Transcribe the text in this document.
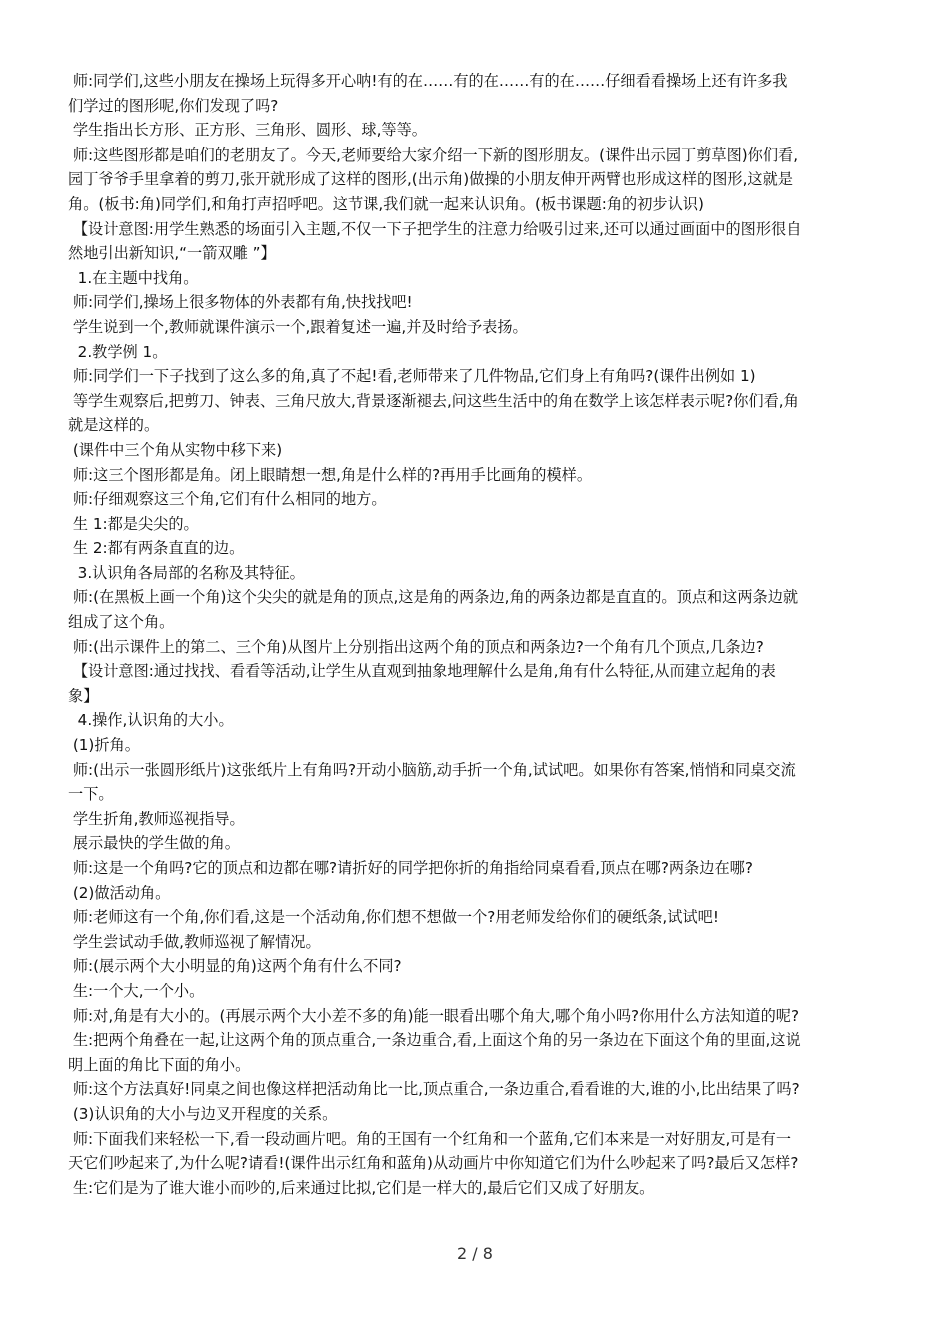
师:同学们,这些小朋友在操场上玩得多开心呐!有的在……有的在……有的在……仔细看看操场上还有许多我

们学过的图形呢,你们发现了吗?

学生指出长方形、正方形、三角形、圆形、球,等等。

师:这些图形都是咱们的老朋友了。今天,老师要给大家介绍一下新的图形朋友。(课件出示园丁剪草图)你们看,

园丁爷爷手里拿着的剪刀,张开就形成了这样的图形,(出示角)做操的小朋友伸开两臂也形成这样的图形,这就是

角。(板书:角)同学们,和角打声招呼吧。这节课,我们就一起来认识角。(板书课题:角的初步认识)

【设计意图:用学生熟悉的场面引入主题,不仅一下子把学生的注意力给吸引过来,还可以通过画面中的图形很自

然地引出新知识,“一箭双雕 ”】

1.在主题中找角。

师:同学们,操场上很多物体的外表都有角,快找找吧!

学生说到一个,教师就课件演示一个,跟着复述一遍,并及时给予表扬。

2.教学例 1。

师:同学们一下子找到了这么多的角,真了不起!看,老师带来了几件物品,它们身上有角吗?(课件出例如 1)

等学生观察后,把剪刀、钟表、三角尺放大,背景逐渐褪去,问这些生活中的角在数学上该怎样表示呢?你们看,角

就是这样的。

(课件中三个角从实物中移下来)

师:这三个图形都是角。闭上眼睛想一想,角是什么样的?再用手比画角的模样。

师:仔细观察这三个角,它们有什么相同的地方。

生 1:都是尖尖的。

生 2:都有两条直直的边。

3.认识角各局部的名称及其特征。

师:(在黑板上画一个角)这个尖尖的就是角的顶点,这是角的两条边,角的两条边都是直直的。顶点和这两条边就

组成了这个角。

师:(出示课件上的第二、三个角)从图片上分别指出这两个角的顶点和两条边?一个角有几个顶点,几条边?

【设计意图:通过找找、看看等活动,让学生从直观到抽象地理解什么是角,角有什么特征,从而建立起角的表

象】

4.操作,认识角的大小。

(1)折角。

师:(出示一张圆形纸片)这张纸片上有角吗?开动小脑筋,动手折一个角,试试吧。如果你有答案,悄悄和同桌交流

一下。

学生折角,教师巡视指导。

展示最快的学生做的角。

师:这是一个角吗?它的顶点和边都在哪?请折好的同学把你折的角指给同桌看看,顶点在哪?两条边在哪?

(2)做活动角。

师:老师这有一个角,你们看,这是一个活动角,你们想不想做一个?用老师发给你们的硬纸条,试试吧!

学生尝试动手做,教师巡视了解情况。

师:(展示两个大小明显的角)这两个角有什么不同?

生:一个大,一个小。

师:对,角是有大小的。(再展示两个大小差不多的角)能一眼看出哪个角大,哪个角小吗?你用什么方法知道的呢?

生:把两个角叠在一起,让这两个角的顶点重合,一条边重合,看,上面这个角的另一条边在下面这个角的里面,这说

明上面的角比下面的角小。

师:这个方法真好!同桌之间也像这样把活动角比一比,顶点重合,一条边重合,看看谁的大,谁的小,比出结果了吗?

(3)认识角的大小与边叉开程度的关系。

师:下面我们来轻松一下,看一段动画片吧。角的王国有一个红角和一个蓝角,它们本来是一对好朋友,可是有一

天它们吵起来了,为什么呢?请看!(课件出示红角和蓝角)从动画片中你知道它们为什么吵起来了吗?最后又怎样?

生:它们是为了谁大谁小而吵的,后来通过比拟,它们是一样大的,最后它们又成了好朋友。

2 / 8
